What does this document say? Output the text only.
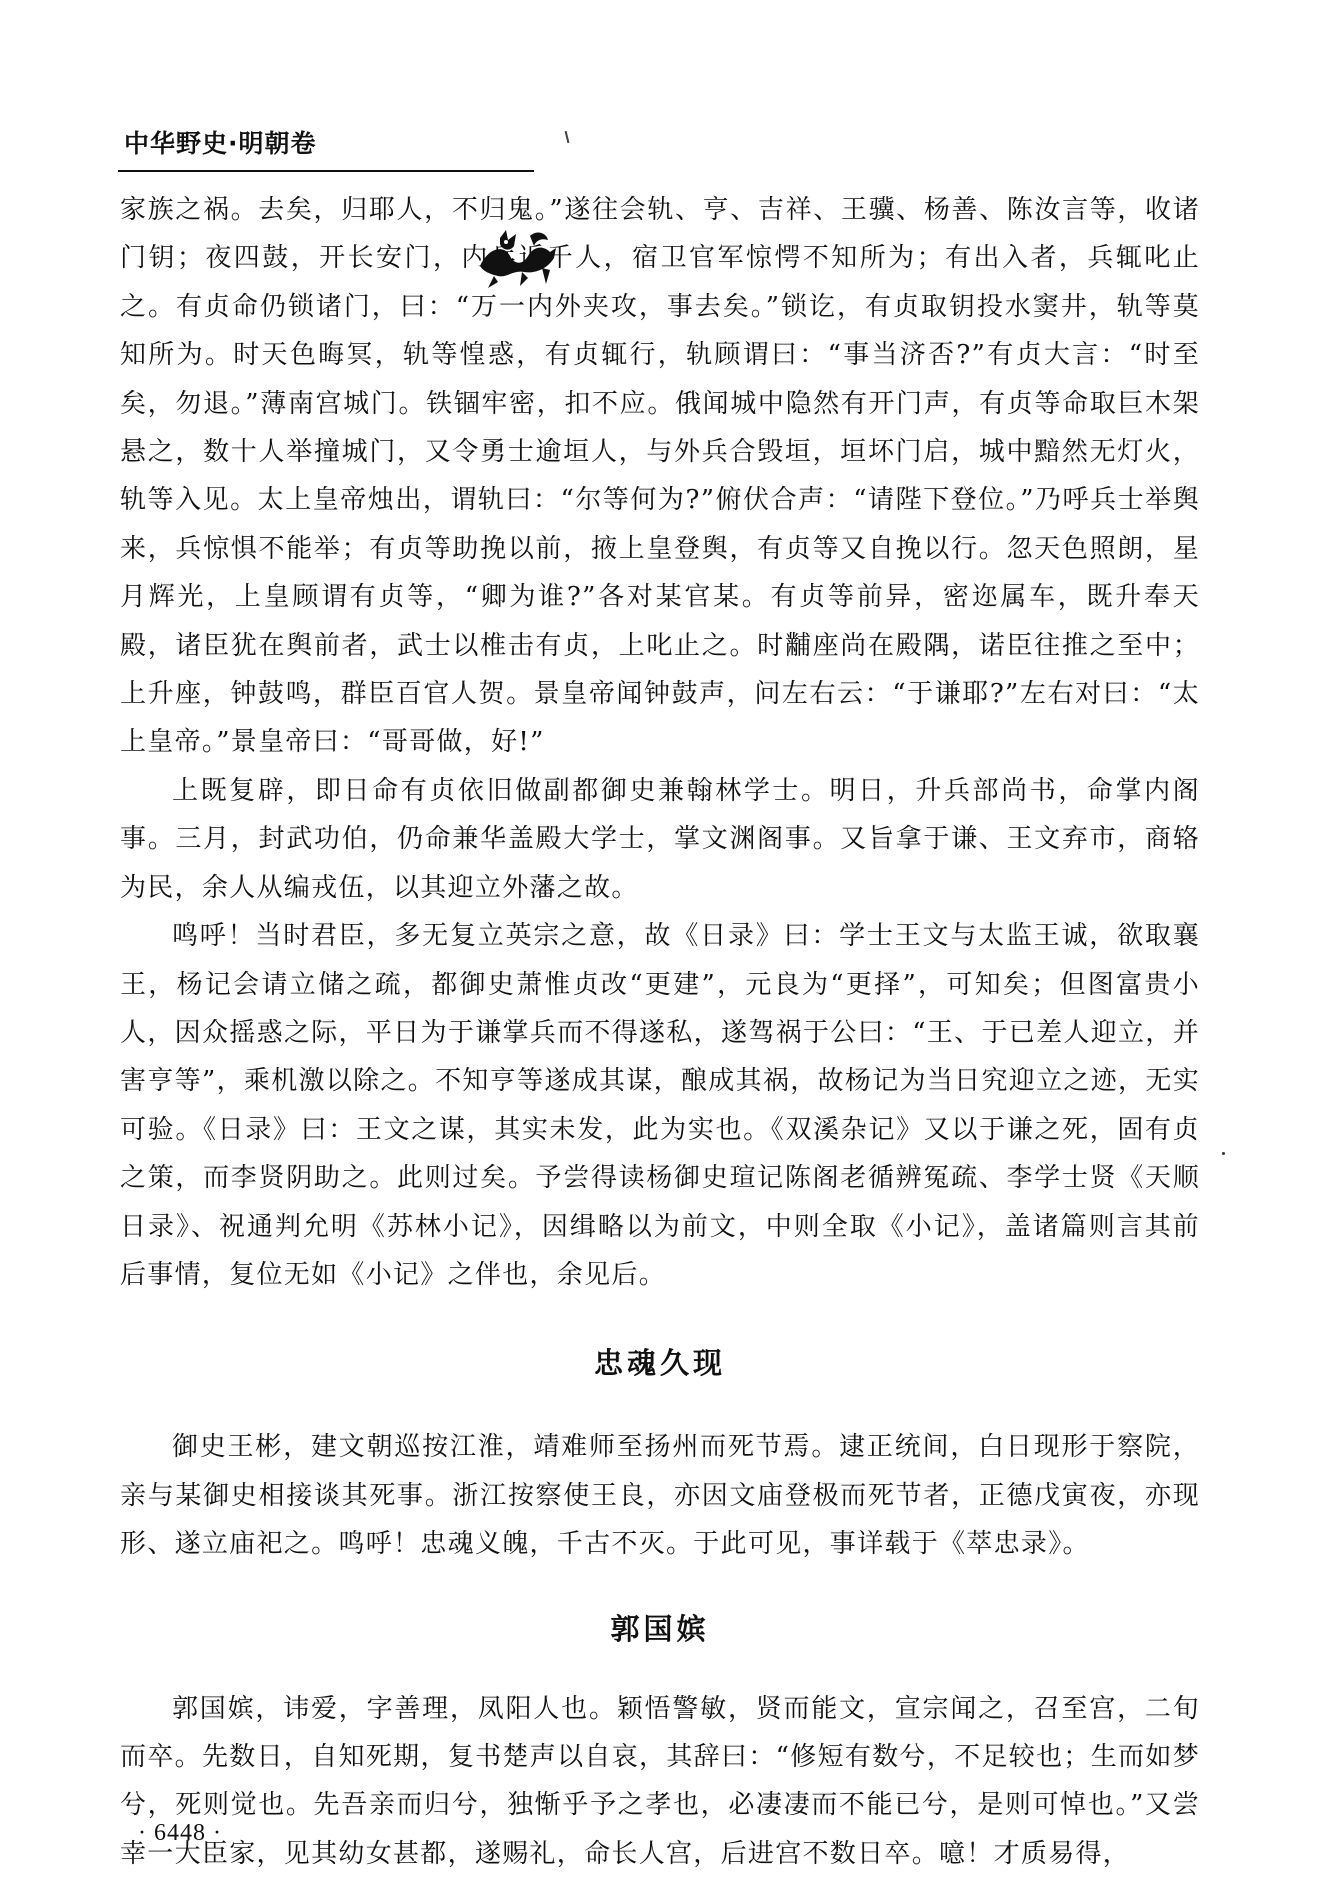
中华野史·明朝卷

家族之祸。去矣，归耶人，不归鬼。”遂往会轨、亨、吉祥、王骥、杨善、陈汝言等，收诸门钥；夜四鼓，开长安门，内兵近千人，宿卫官军惊愕不知所为；有出入者，兵辄叱止之。有贞命仍锁诸门，曰：“万一内外夹攻，事去矣。”锁讫，有贞取钥投水窦井，轨等莫知所为。时天色晦冥，轨等惶惑，有贞辄行，轨顾谓曰：“事当济否?”有贞大言：“时至矣，勿退。”薄南宫城门。铁锢牢密，扣不应。俄闻城中隐然有开门声，有贞等命取巨木架悬之，数十人举撞城门，又令勇士逾垣人，与外兵合毁垣，垣坏门启，城中黯然无灯火，轨等入见。太上皇帝烛出，谓轨曰：“尔等何为?”俯伏合声：“请陛下登位。”乃呼兵士举舆来，兵惊惧不能举；有贞等助挽以前，掖上皇登舆，有贞等又自挽以行。忽天色照朗，星月辉光，上皇顾谓有贞等，“卿为谁?”各对某官某。有贞等前异，密迩属车，既升奉天殿，诸臣犹在舆前者，武士以椎击有贞，上叱止之。时黼座尚在殿隅，诺臣往推之至中；上升座，钟鼓鸣，群臣百官人贺。景皇帝闻钟鼓声，问左右云：“于谦耶?”左右对曰：“太上皇帝。”景皇帝曰：“哥哥做，好!”

上既复辟，即日命有贞依旧做副都御史兼翰林学士。明日，升兵部尚书，命掌内阁事。三月，封武功伯，仍命兼华盖殿大学士，掌文渊阁事。又旨拿于谦、王文弃市，商辂为民，余人从编戎伍，以其迎立外藩之故。

鸣呼！当时君臣，多无复立英宗之意，故《日录》曰：学士王文与太监王诚，欲取襄王，杨记会请立储之疏，都御史萧惟贞改“更建”，元良为“更择”，可知矣；但图富贵小人，因众摇惑之际，平日为于谦掌兵而不得遂私，遂驾祸于公曰：“王、于已差人迎立，并害亨等”，乘机激以除之。不知亨等遂成其谋，酿成其祸，故杨记为当日究迎立之迹，无实可验。《日录》曰：王文之谋，其实未发，此为实也。《双溪杂记》又以于谦之死，固有贞之策，而李贤阴助之。此则过矣。予尝得读杨御史瑄记陈阁老循辨冤疏、李学士贤《天顺日录》、祝通判允明《苏林小记》，因缉略以为前文，中则全取《小记》，盖诸篇则言其前后事情，复位无如《小记》之伴也，余见后。

忠魂久现

御史王彬，建文朝巡按江淮，靖难师至扬州而死节焉。逮正统间，白日现形于察院，亲与某御史相接谈其死事。浙江按察使王良，亦因文庙登极而死节者，正德戊寅夜，亦现形、遂立庙祀之。鸣呼！忠魂义魄，千古不灭。于此可见，事详载于《萃忠录》。

郭国嫔

郭国嫔，讳爱，字善理，凤阳人也。颖悟警敏，贤而能文，宣宗闻之，召至宫，二旬而卒。先数日，自知死期，复书楚声以自哀，其辞曰：“修短有数兮，不足较也；生而如梦兮，死则觉也。先吾亲而归兮，独惭乎予之孝也，必凄凄而不能已兮，是则可悼也。”又尝幸一大臣家，见其幼女甚都，遂赐礼，命长人宫，后进宫不数日卒。噫！才质易得，

· 6448 ·
